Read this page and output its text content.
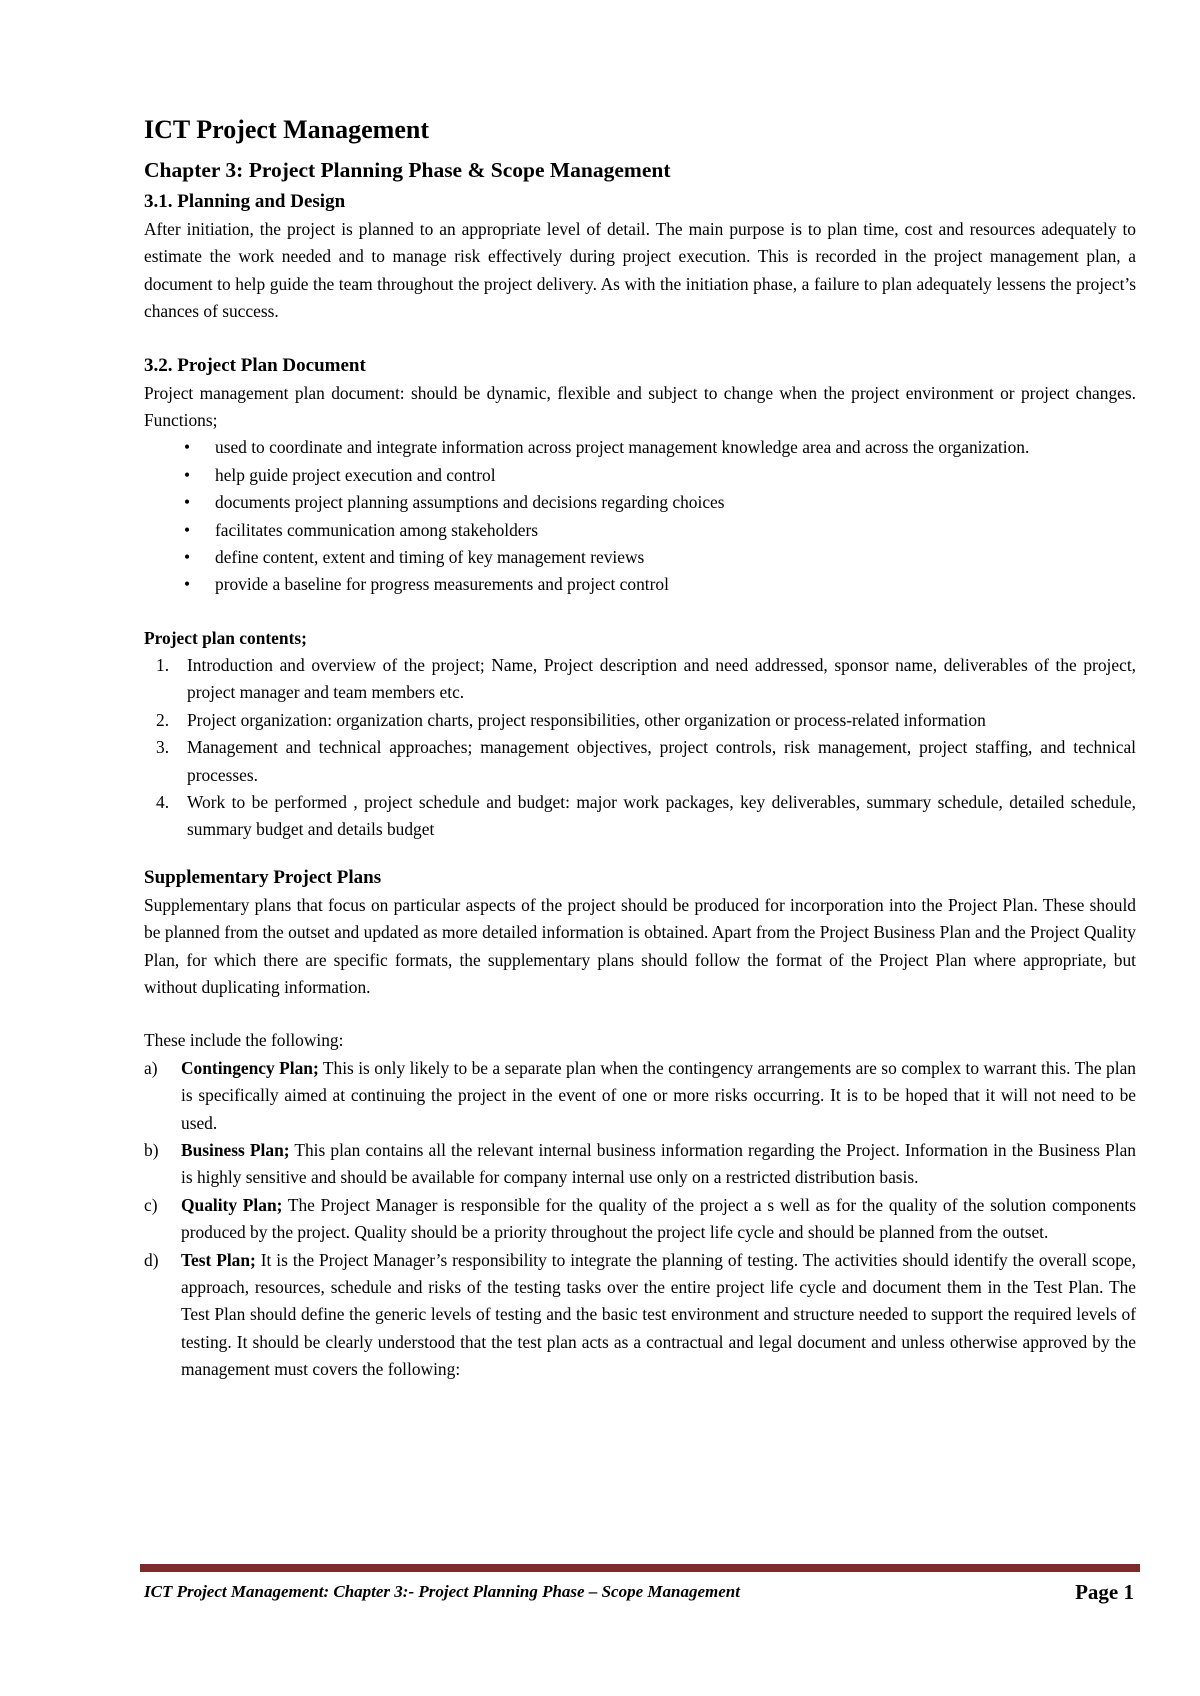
ICT Project Management
Chapter 3: Project Planning Phase & Scope Management
3.1. Planning and Design

After initiation, the project is planned to an appropriate level of detail. The main purpose is to plan time, cost and resources adequately to estimate the work needed and to manage risk effectively during project execution. This is recorded in the project management plan, a document to help guide the team throughout the project delivery. As with the initiation phase, a failure to plan adequately lessens the project’s chances of success.

3.2. Project Plan Document

Project management plan document: should be dynamic, flexible and subject to change when the project environment or project changes. Functions;

• used to coordinate and integrate information across project management knowledge area and across the organization.
• help guide project execution and control
• documents project planning assumptions and decisions regarding choices
• facilitates communication among stakeholders
• define content, extent and timing of key management reviews
• provide a baseline for progress measurements and project control
Project plan contents;
1. Introduction and overview of the project; Name, Project description and need addressed, sponsor name, deliverables of the project, project manager and team members etc.
2. Project organization: organization charts, project responsibilities, other organization or process-related information
3. Management and technical approaches; management objectives, project controls, risk management, project staffing, and technical processes.
4. Work to be performed , project schedule and budget: major work packages, key deliverables, summary schedule, detailed schedule, summary budget and details budget
Supplementary Project Plans

Supplementary plans that focus on particular aspects of the project should be produced for incorporation into the Project Plan. These should be planned from the outset and updated as more detailed information is obtained. Apart from the Project Business Plan and the Project Quality Plan, for which there are specific formats, the supplementary plans should follow the format of the Project Plan where appropriate, but without duplicating information.

These include the following:

a) Contingency Plan; This is only likely to be a separate plan when the contingency arrangements are so complex to warrant this. The plan is specifically aimed at continuing the project in the event of one or more risks occurring. It is to be hoped that it will not need to be used.
b) Business Plan; This plan contains all the relevant internal business information regarding the Project. Information in the Business Plan is highly sensitive and should be available for company internal use only on a restricted distribution basis.
c) Quality Plan; The Project Manager is responsible for the quality of the project a s well as for the quality of the solution components produced by the project. Quality should be a priority throughout the project life cycle and should be planned from the outset.
d) Test Plan; It is the Project Manager’s responsibility to integrate the planning of testing. The activities should identify the overall scope, approach, resources, schedule and risks of the testing tasks over the entire project life cycle and document them in the Test Plan. The Test Plan should define the generic levels of testing and the basic test environment and structure needed to support the required levels of testing. It should be clearly understood that the test plan acts as a contractual and legal document and unless otherwise approved by the management must covers the following:
ICT Project Management: Chapter 3:- Project Planning Phase – Scope Management	Page 1
